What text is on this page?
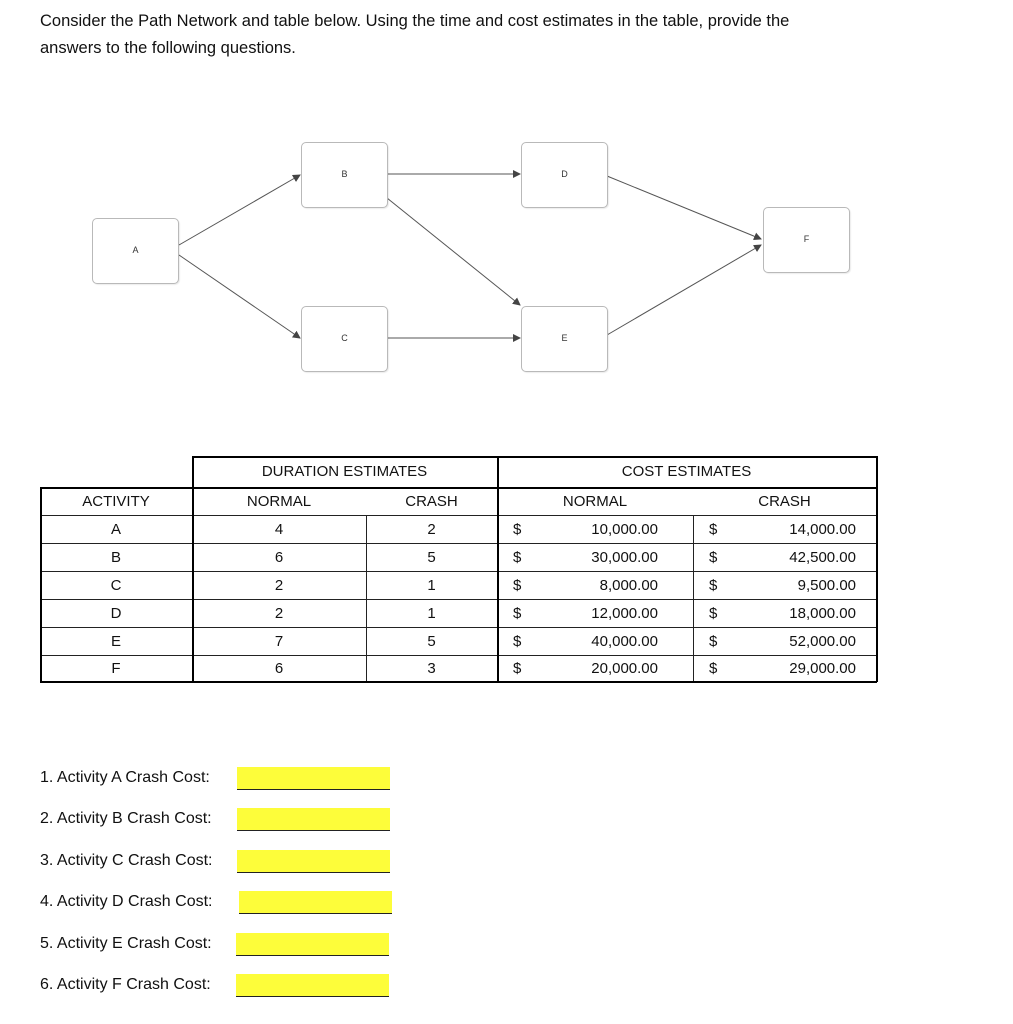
Consider the Path Network and table below. Using the time and cost estimates in the table, provide the
answers to the following questions.
A
B
C
D
E
F
DURATION ESTIMATES	COST ESTIMATES
ACTIVITY	NORMAL	CRASH	NORMAL	CRASH
A	4	2	$	10,000.00	$	14,000.00
B	6	5	$	30,000.00	$	42,500.00
C	2	1	$	8,000.00	$	9,500.00
D	2	1	$	12,000.00	$	18,000.00
E	7	5	$	40,000.00	$	52,000.00
F	6	3	$	20,000.00	$	29,000.00
1. Activity A Crash Cost:
2. Activity B Crash Cost:
3. Activity C Crash Cost:
4. Activity D Crash Cost:
5. Activity E Crash Cost:
6. Activity F Crash Cost:
